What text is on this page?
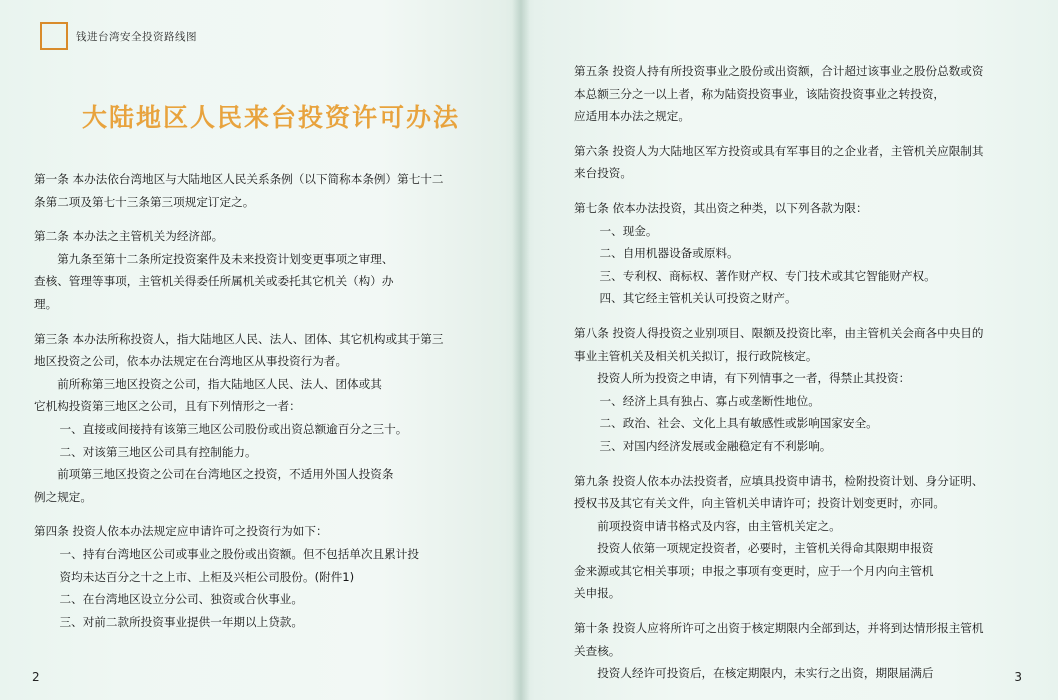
钱进台湾安全投资路线图
大陆地区人民来台投资许可办法
第一条 本办法依台湾地区与大陆地区人民关系条例（以下简称本条例）第七十二
条第二项及第七十三条第三项规定订定之。
第二条 本办法之主管机关为经济部。
第九条至第十二条所定投资案件及未来投资计划变更事项之审理、
查核、管理等事项，主管机关得委任所属机关或委托其它机关（构）办
理。
第三条 本办法所称投资人，指大陆地区人民、法人、团体、其它机构或其于第三
地区投资之公司，依本办法规定在台湾地区从事投资行为者。
前所称第三地区投资之公司，指大陆地区人民、法人、团体或其
它机构投资第三地区之公司，且有下列情形之一者：
一、直接或间接持有该第三地区公司股份或出资总额逾百分之三十。
二、对该第三地区公司具有控制能力。
前项第三地区投资之公司在台湾地区之投资，不适用外国人投资条
例之规定。
第四条 投资人依本办法规定应申请许可之投资行为如下：
一、持有台湾地区公司或事业之股份或出资额。但不包括单次且累计投
资均未达百分之十之上市、上柜及兴柜公司股份。(附件1)
二、在台湾地区设立分公司、独资或合伙事业。
三、对前二款所投资事业提供一年期以上贷款。
2
第五条 投资人持有所投资事业之股份或出资额，合计超过该事业之股份总数或资
本总额三分之一以上者，称为陆资投资事业，该陆资投资事业之转投资，
应适用本办法之规定。
第六条 投资人为大陆地区军方投资或具有军事目的之企业者，主管机关应限制其
来台投资。
第七条 依本办法投资，其出资之种类，以下列各款为限：
一、现金。
二、自用机器设备或原料。
三、专利权、商标权、著作财产权、专门技术或其它智能财产权。
四、其它经主管机关认可投资之财产。
第八条 投资人得投资之业别项目、限额及投资比率，由主管机关会商各中央目的
事业主管机关及相关机关拟订，报行政院核定。
投资人所为投资之申请，有下列情事之一者，得禁止其投资：
一、经济上具有独占、寡占或垄断性地位。
二、政治、社会、文化上具有敏感性或影响国家安全。
三、对国内经济发展或金融稳定有不利影响。
第九条 投资人依本办法投资者，应填具投资申请书，检附投资计划、身分证明、
授权书及其它有关文件，向主管机关申请许可；投资计划变更时，亦同。
前项投资申请书格式及内容，由主管机关定之。
投资人依第一项规定投资者，必要时，主管机关得命其限期申报资
金来源或其它相关事项；申报之事项有变更时，应于一个月内向主管机
关申报。
第十条 投资人应将所许可之出资于核定期限内全部到达，并将到达情形报主管机
关查核。
投资人经许可投资后，在核定期限内，未实行之出资，期限届满后	3
